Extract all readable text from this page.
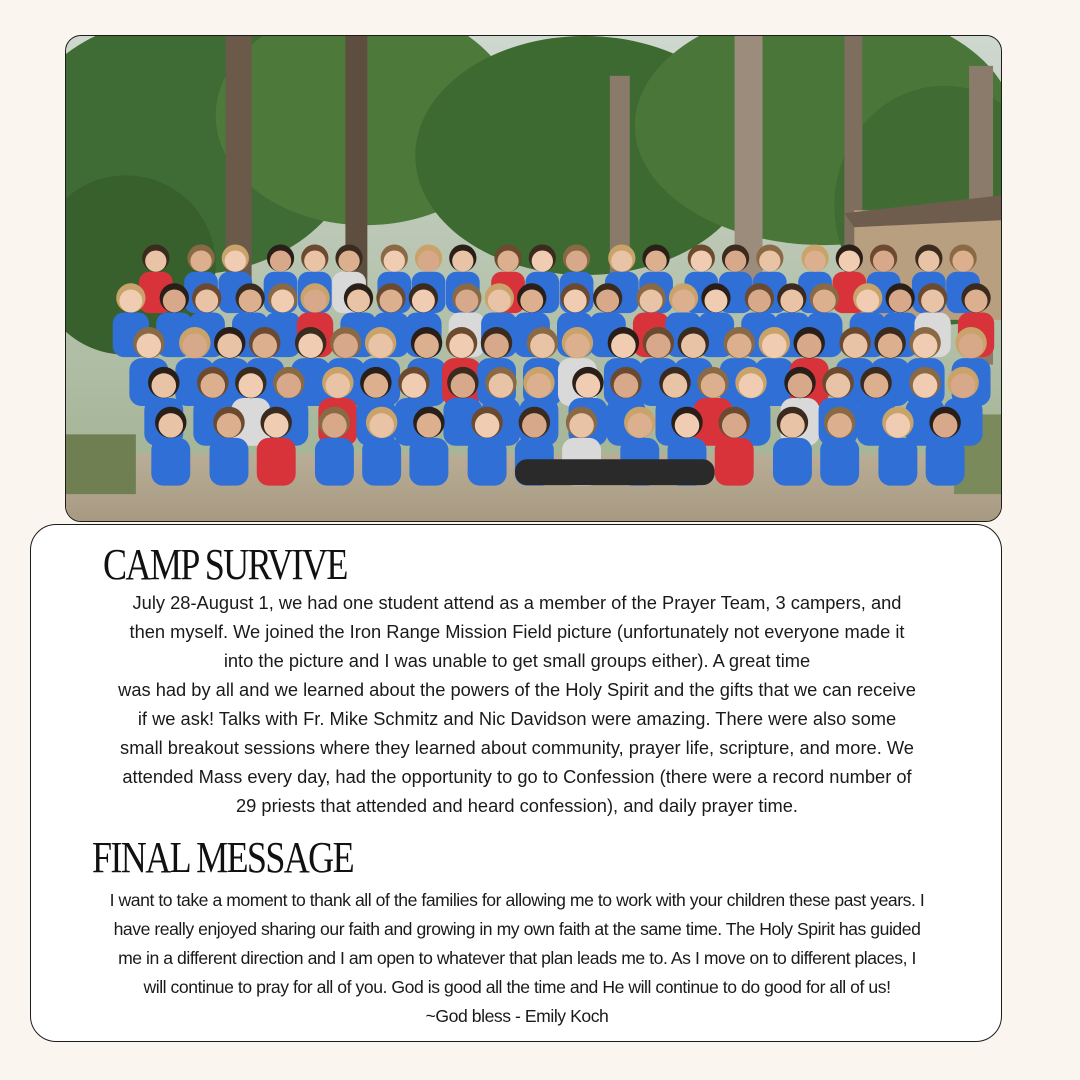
CAMP SURVIVE
July 28-August 1, we had one student attend as a member of the Prayer Team, 3 campers, and
then myself. We joined the Iron Range Mission Field picture (unfortunately not everyone made it
into the picture and I was unable to get small groups either). A great time
was had by all and we learned about the powers of the Holy Spirit and the gifts that we can receive
if we ask! Talks with Fr. Mike Schmitz and Nic Davidson were amazing. There were also some
small breakout sessions where they learned about community, prayer life, scripture, and more. We
attended Mass every day, had the opportunity to go to Confession (there were a record number of
29 priests that attended and heard confession), and daily prayer time.
FINAL MESSAGE
I want to take a moment to thank all of the families for allowing me to work with your children these past years. I
have really enjoyed sharing our faith and growing in my own faith at the same time. The Holy Spirit has guided
me in a different direction and I am open to whatever that plan leads me to. As I move on to different places, I
will continue to pray for all of you. God is good all the time and He will continue to do good for all of us!
~God bless - Emily Koch
